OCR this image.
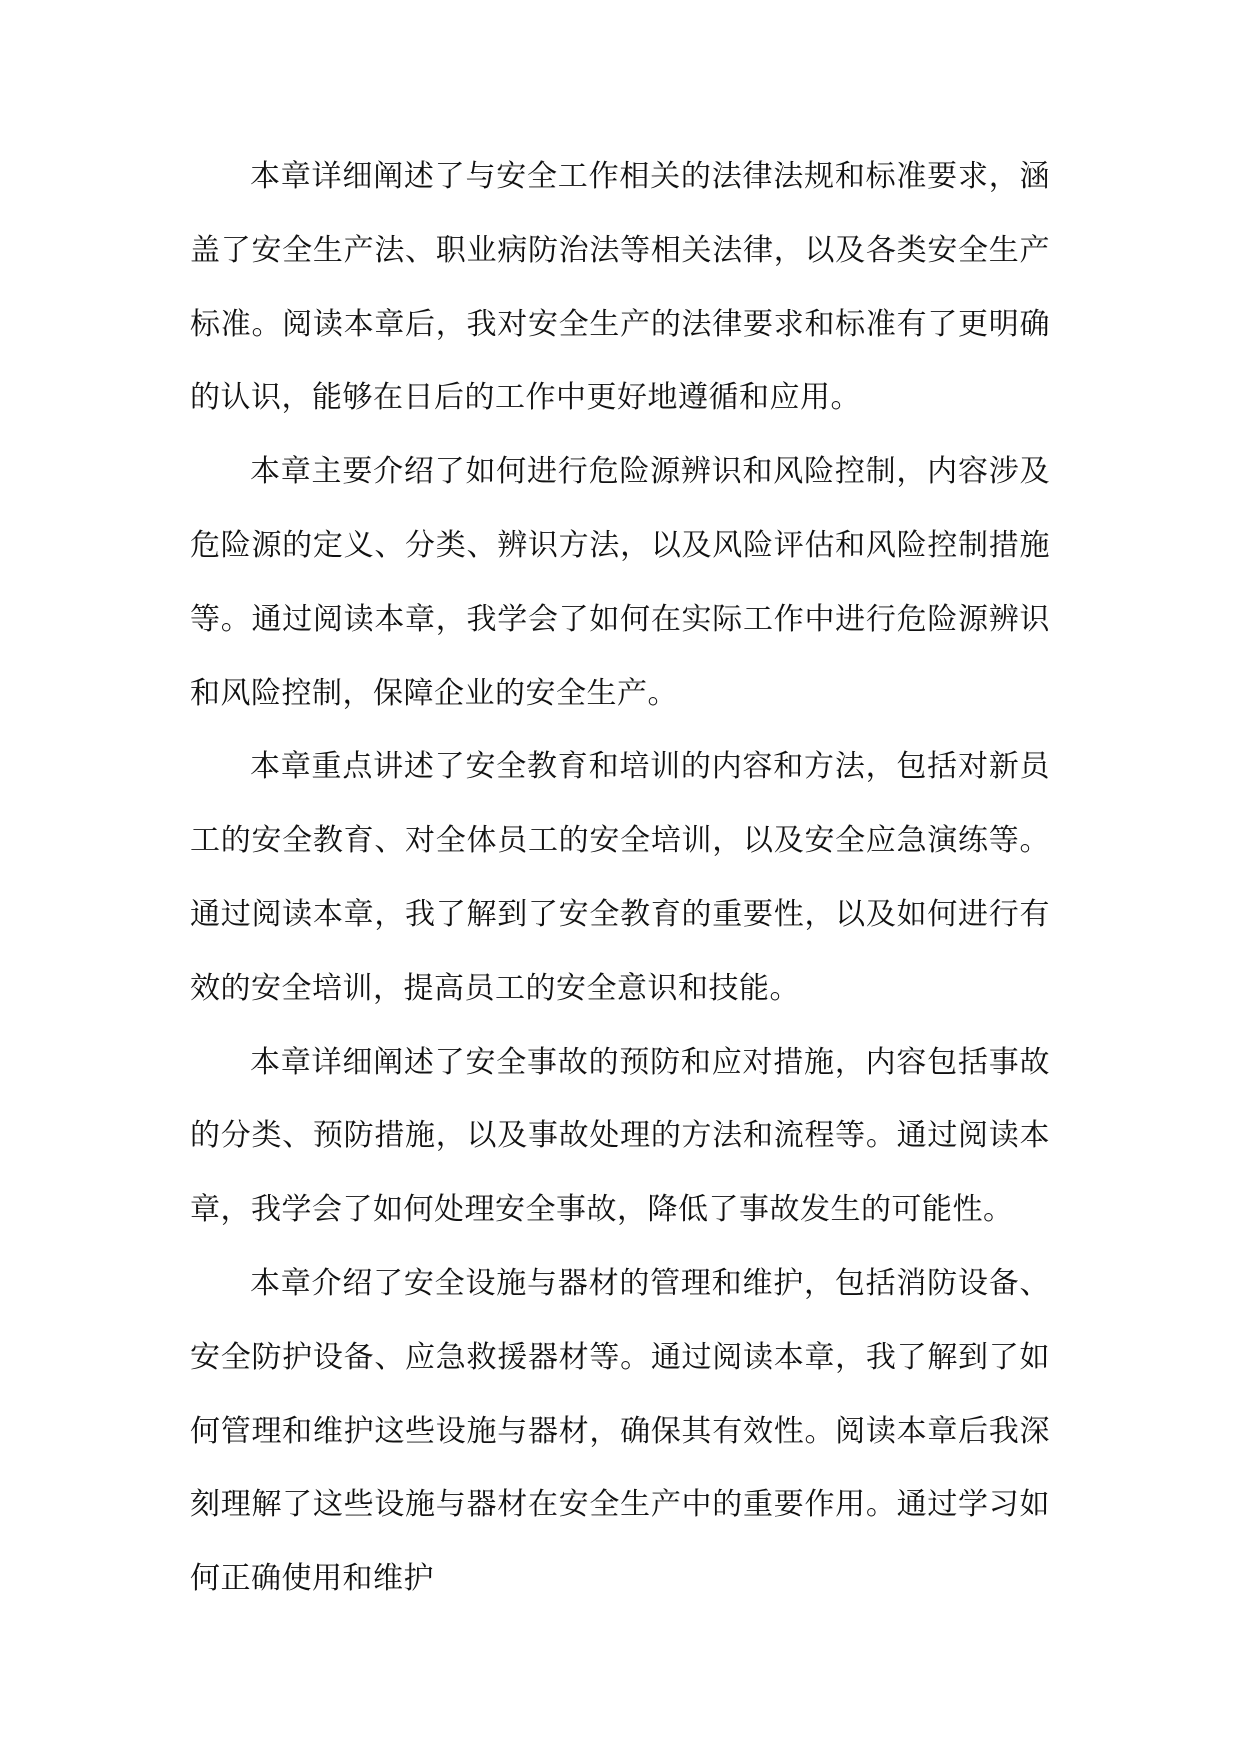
本章详细阐述了与安全工作相关的法律法规和标准要求，涵盖了安全生产法、职业病防治法等相关法律，以及各类安全生产标准。阅读本章后，我对安全生产的法律要求和标准有了更明确的认识，能够在日后的工作中更好地遵循和应用。

本章主要介绍了如何进行危险源辨识和风险控制，内容涉及危险源的定义、分类、辨识方法，以及风险评估和风险控制措施等。通过阅读本章，我学会了如何在实际工作中进行危险源辨识和风险控制，保障企业的安全生产。

本章重点讲述了安全教育和培训的内容和方法，包括对新员工的安全教育、对全体员工的安全培训，以及安全应急演练等。通过阅读本章，我了解到了安全教育的重要性，以及如何进行有效的安全培训，提高员工的安全意识和技能。

本章详细阐述了安全事故的预防和应对措施，内容包括事故的分类、预防措施，以及事故处理的方法和流程等。通过阅读本章，我学会了如何处理安全事故，降低了事故发生的可能性。

本章介绍了安全设施与器材的管理和维护，包括消防设备、安全防护设备、应急救援器材等。通过阅读本章，我了解到了如何管理和维护这些设施与器材，确保其有效性。阅读本章后我深刻理解了这些设施与器材在安全生产中的重要作用。通过学习如何正确使用和维护
